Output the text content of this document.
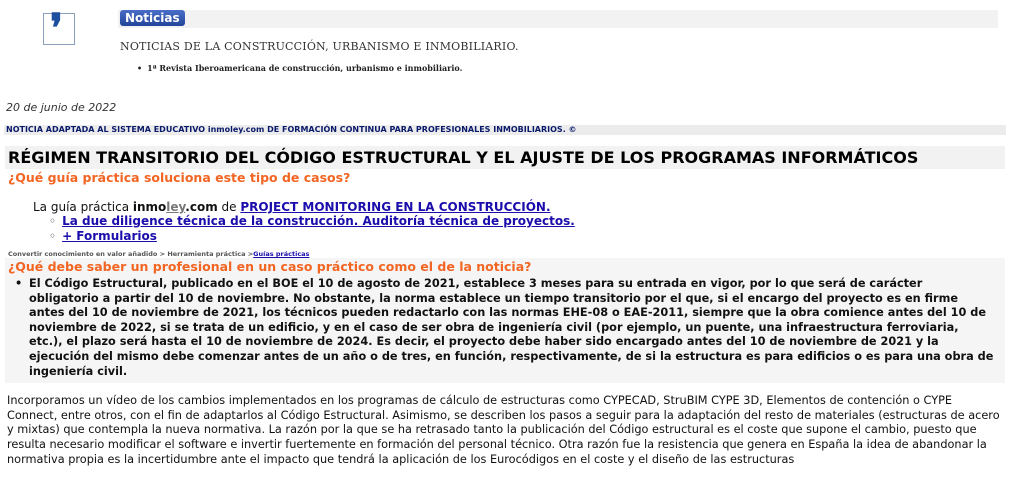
❜	Noticias
NOTICIAS DE LA CONSTRUCCIÓN, URBANISMO E INMOBILIARIO.
• 1ª Revista Iberoamericana de construcción, urbanismo e inmobiliario.
20 de junio de 2022
NOTICIA ADAPTADA AL SISTEMA EDUCATIVO inmoley.com DE FORMACIÓN CONTINUA PARA PROFESIONALES INMOBILIARIOS. ©
RÉGIMEN TRANSITORIO DEL CÓDIGO ESTRUCTURAL Y EL AJUSTE DE LOS PROGRAMAS INFORMÁTICOS
¿Qué guía práctica soluciona este tipo de casos?
La guía práctica inmoley.com de PROJECT MONITORING EN LA CONSTRUCCIÓN.
◦ La due diligence técnica de la construcción. Auditoría técnica de proyectos.
◦ + Formularios
Convertir conocimiento en valor añadido > Herramienta práctica >Guías prácticas
¿Qué debe saber un profesional en un caso práctico como el de la noticia?
• El Código Estructural, publicado en el BOE el 10 de agosto de 2021, establece 3 meses para su entrada en vigor, por lo que será de carácter obligatorio a partir del 10 de noviembre. No obstante, la norma establece un tiempo transitorio por el que, si el encargo del proyecto es en firme antes del 10 de noviembre de 2021, los técnicos pueden redactarlo con las normas EHE-08 o EAE-2011, siempre que la obra comience antes del 10 de noviembre de 2022, si se trata de un edificio, y en el caso de ser obra de ingeniería civil (por ejemplo, un puente, una infraestructura ferroviaria, etc.), el plazo será hasta el 10 de noviembre de 2024. Es decir, el proyecto debe haber sido encargado antes del 10 de noviembre de 2021 y la ejecución del mismo debe comenzar antes de un año o de tres, en función, respectivamente, de si la estructura es para edificios o es para una obra de ingeniería civil.
Incorporamos un vídeo de los cambios implementados en los programas de cálculo de estructuras como CYPECAD, StruBIM CYPE 3D, Elementos de contención o CYPE Connect, entre otros, con el fin de adaptarlos al Código Estructural. Asimismo, se describen los pasos a seguir para la adaptación del resto de materiales (estructuras de acero y mixtas) que contempla la nueva normativa. La razón por la que se ha retrasado tanto la publicación del Código estructural es el coste que supone el cambio, puesto que resulta necesario modificar el software e invertir fuertemente en formación del personal técnico. Otra razón fue la resistencia que genera en España la idea de abandonar la normativa propia es la incertidumbre ante el impacto que tendrá la aplicación de los Eurocódigos en el coste y el diseño de las estructuras
